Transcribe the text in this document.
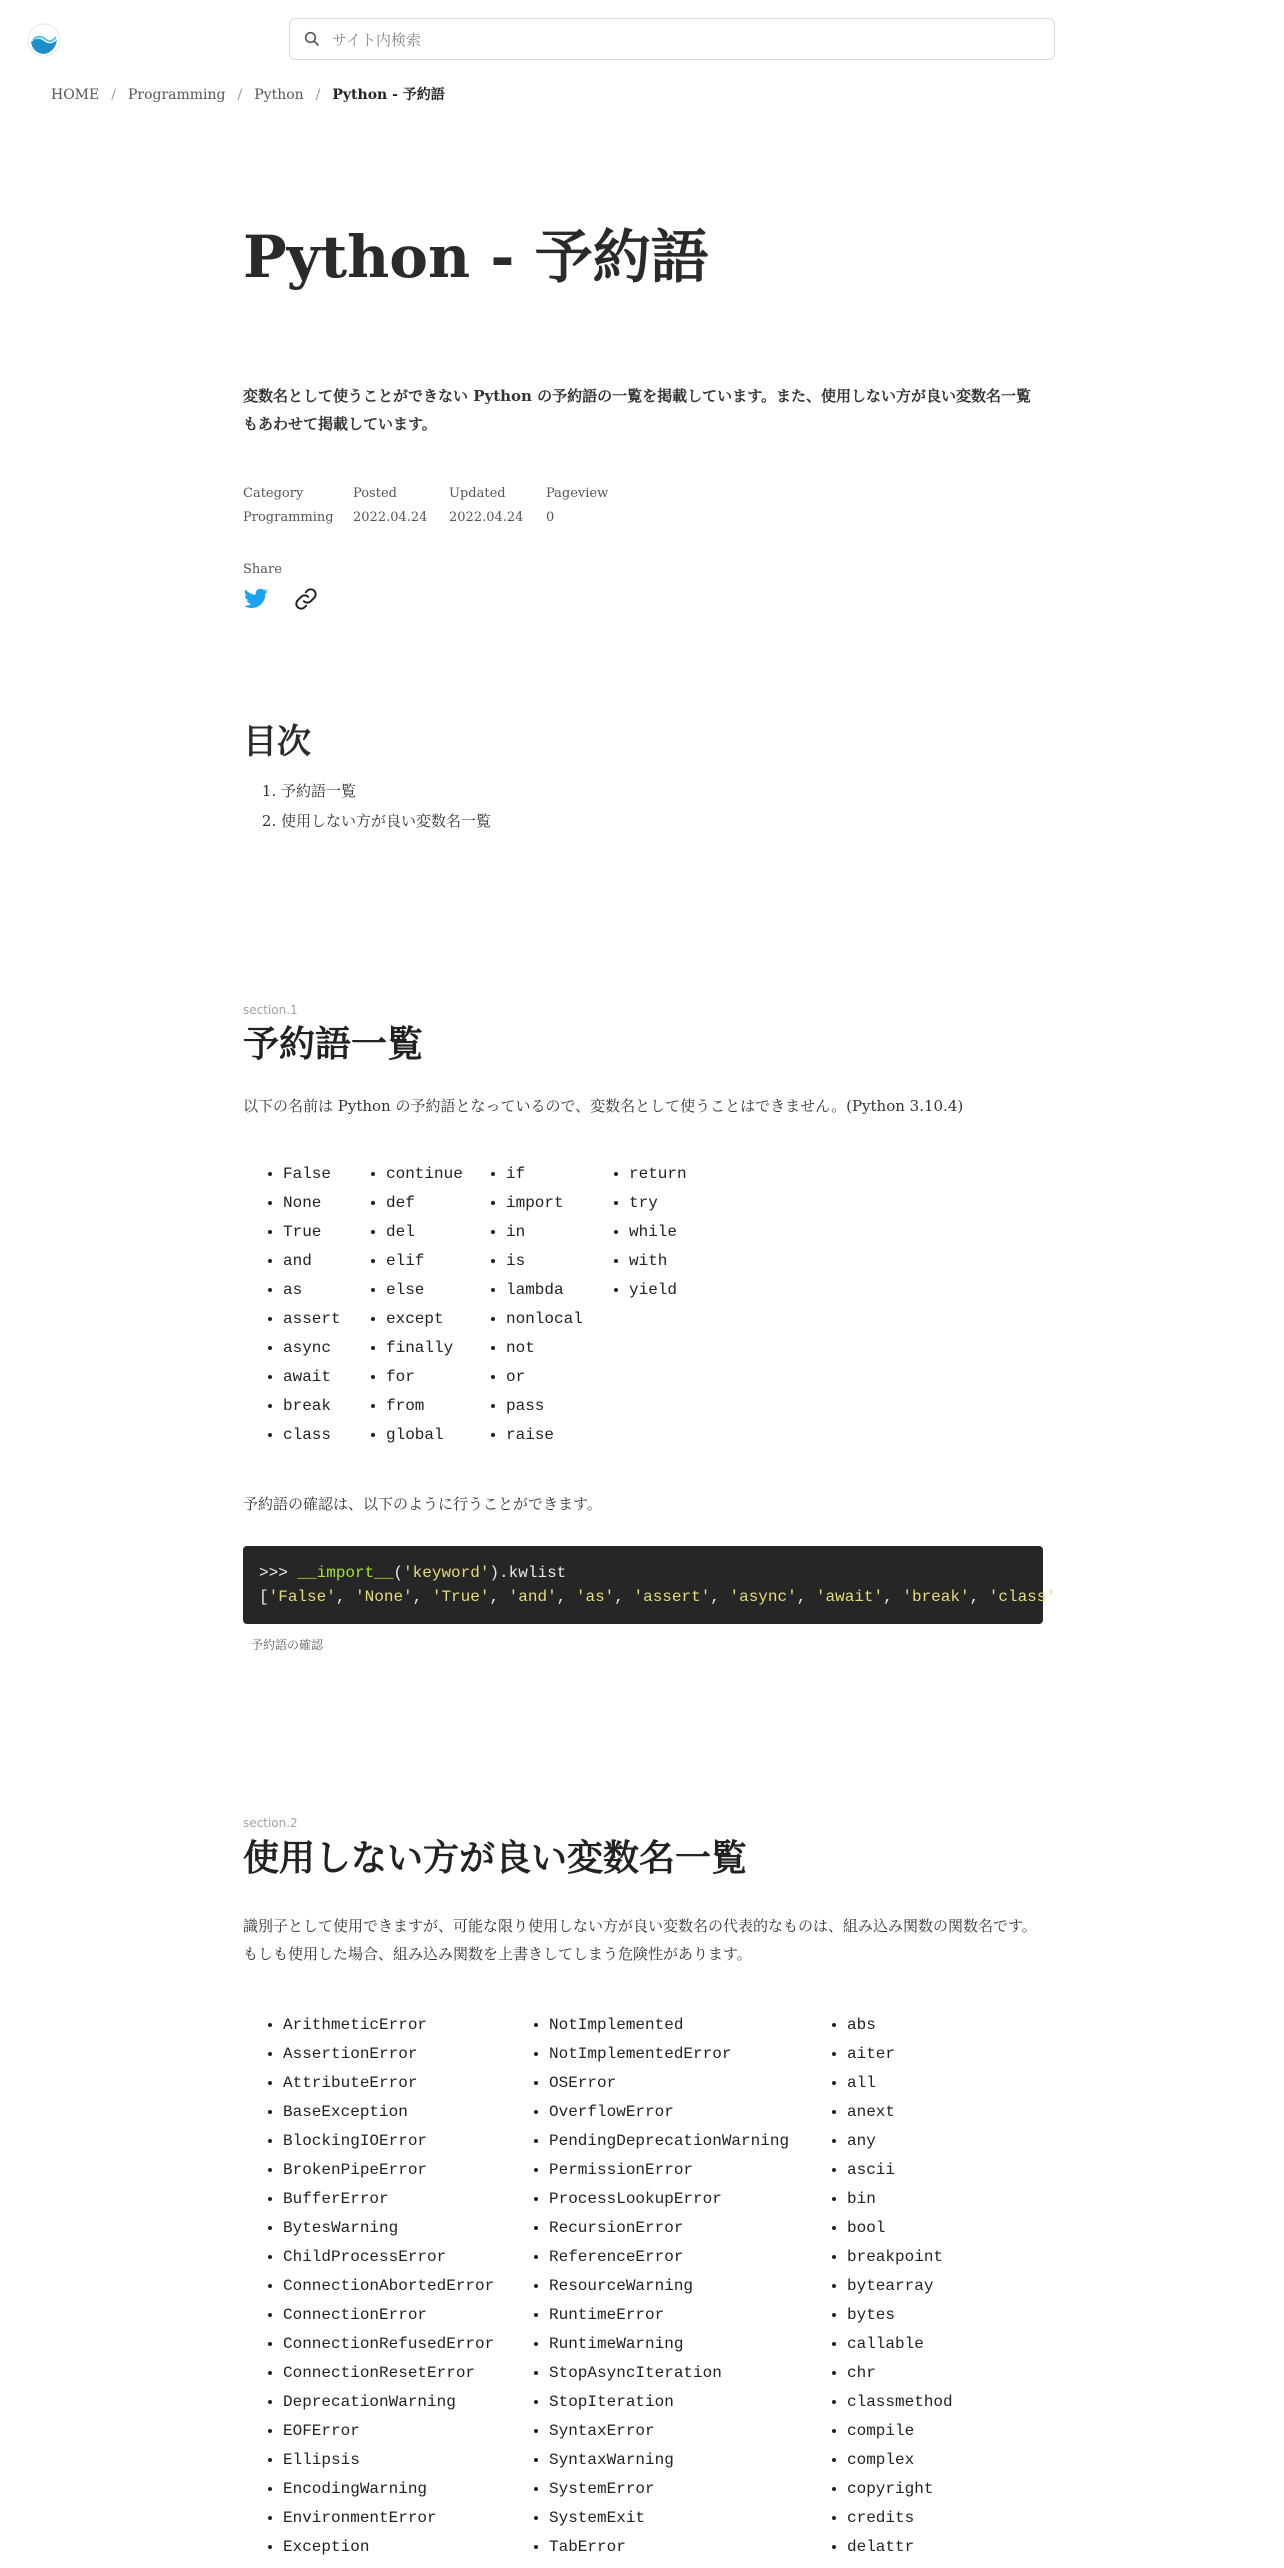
サイト内検索
HOME / Programming / Python / Python - 予約語
Python - 予約語

変数名として使うことができない Python の予約語の一覧を掲載しています。また、使用しない方が良い変数名一覧もあわせて掲載しています。

Category
Programming
Posted
2022.04.24
Updated
2022.04.24
Pageview
0
Share
目次
1. 予約語一覧
2. 使用しない方が良い変数名一覧
section.1
予約語一覧

以下の名前は Python の予約語となっているので、変数名として使うことはできません。(Python 3.10.4)

• False
• None
• True
• and
• as
• assert
• async
• await
• break
• class
• continue
• def
• del
• elif
• else
• except
• finally
• for
• from
• global
• if
• import
• in
• is
• lambda
• nonlocal
• not
• or
• pass
• raise
• return
• try
• while
• with
• yield

予約語の確認は、以下のように行うことができます。

>>> __import__('keyword').kwlist
['False', 'None', 'True', 'and', 'as', 'assert', 'async', 'await', 'break', 'class'
予約語の確認
section.2
使用しない方が良い変数名一覧

識別子として使用できますが、可能な限り使用しない方が良い変数名の代表的なものは、組み込み関数の関数名です。もしも使用した場合、組み込み関数を上書きしてしまう危険性があります。

• ArithmeticError
• AssertionError
• AttributeError
• BaseException
• BlockingIOError
• BrokenPipeError
• BufferError
• BytesWarning
• ChildProcessError
• ConnectionAbortedError
• ConnectionError
• ConnectionRefusedError
• ConnectionResetError
• DeprecationWarning
• EOFError
• Ellipsis
• EncodingWarning
• EnvironmentError
• Exception
• NotImplemented
• NotImplementedError
• OSError
• OverflowError
• PendingDeprecationWarning
• PermissionError
• ProcessLookupError
• RecursionError
• ReferenceError
• ResourceWarning
• RuntimeError
• RuntimeWarning
• StopAsyncIteration
• StopIteration
• SyntaxError
• SyntaxWarning
• SystemError
• SystemExit
• TabError
• abs
• aiter
• all
• anext
• any
• ascii
• bin
• bool
• breakpoint
• bytearray
• bytes
• callable
• chr
• classmethod
• compile
• complex
• copyright
• credits
• delattr
